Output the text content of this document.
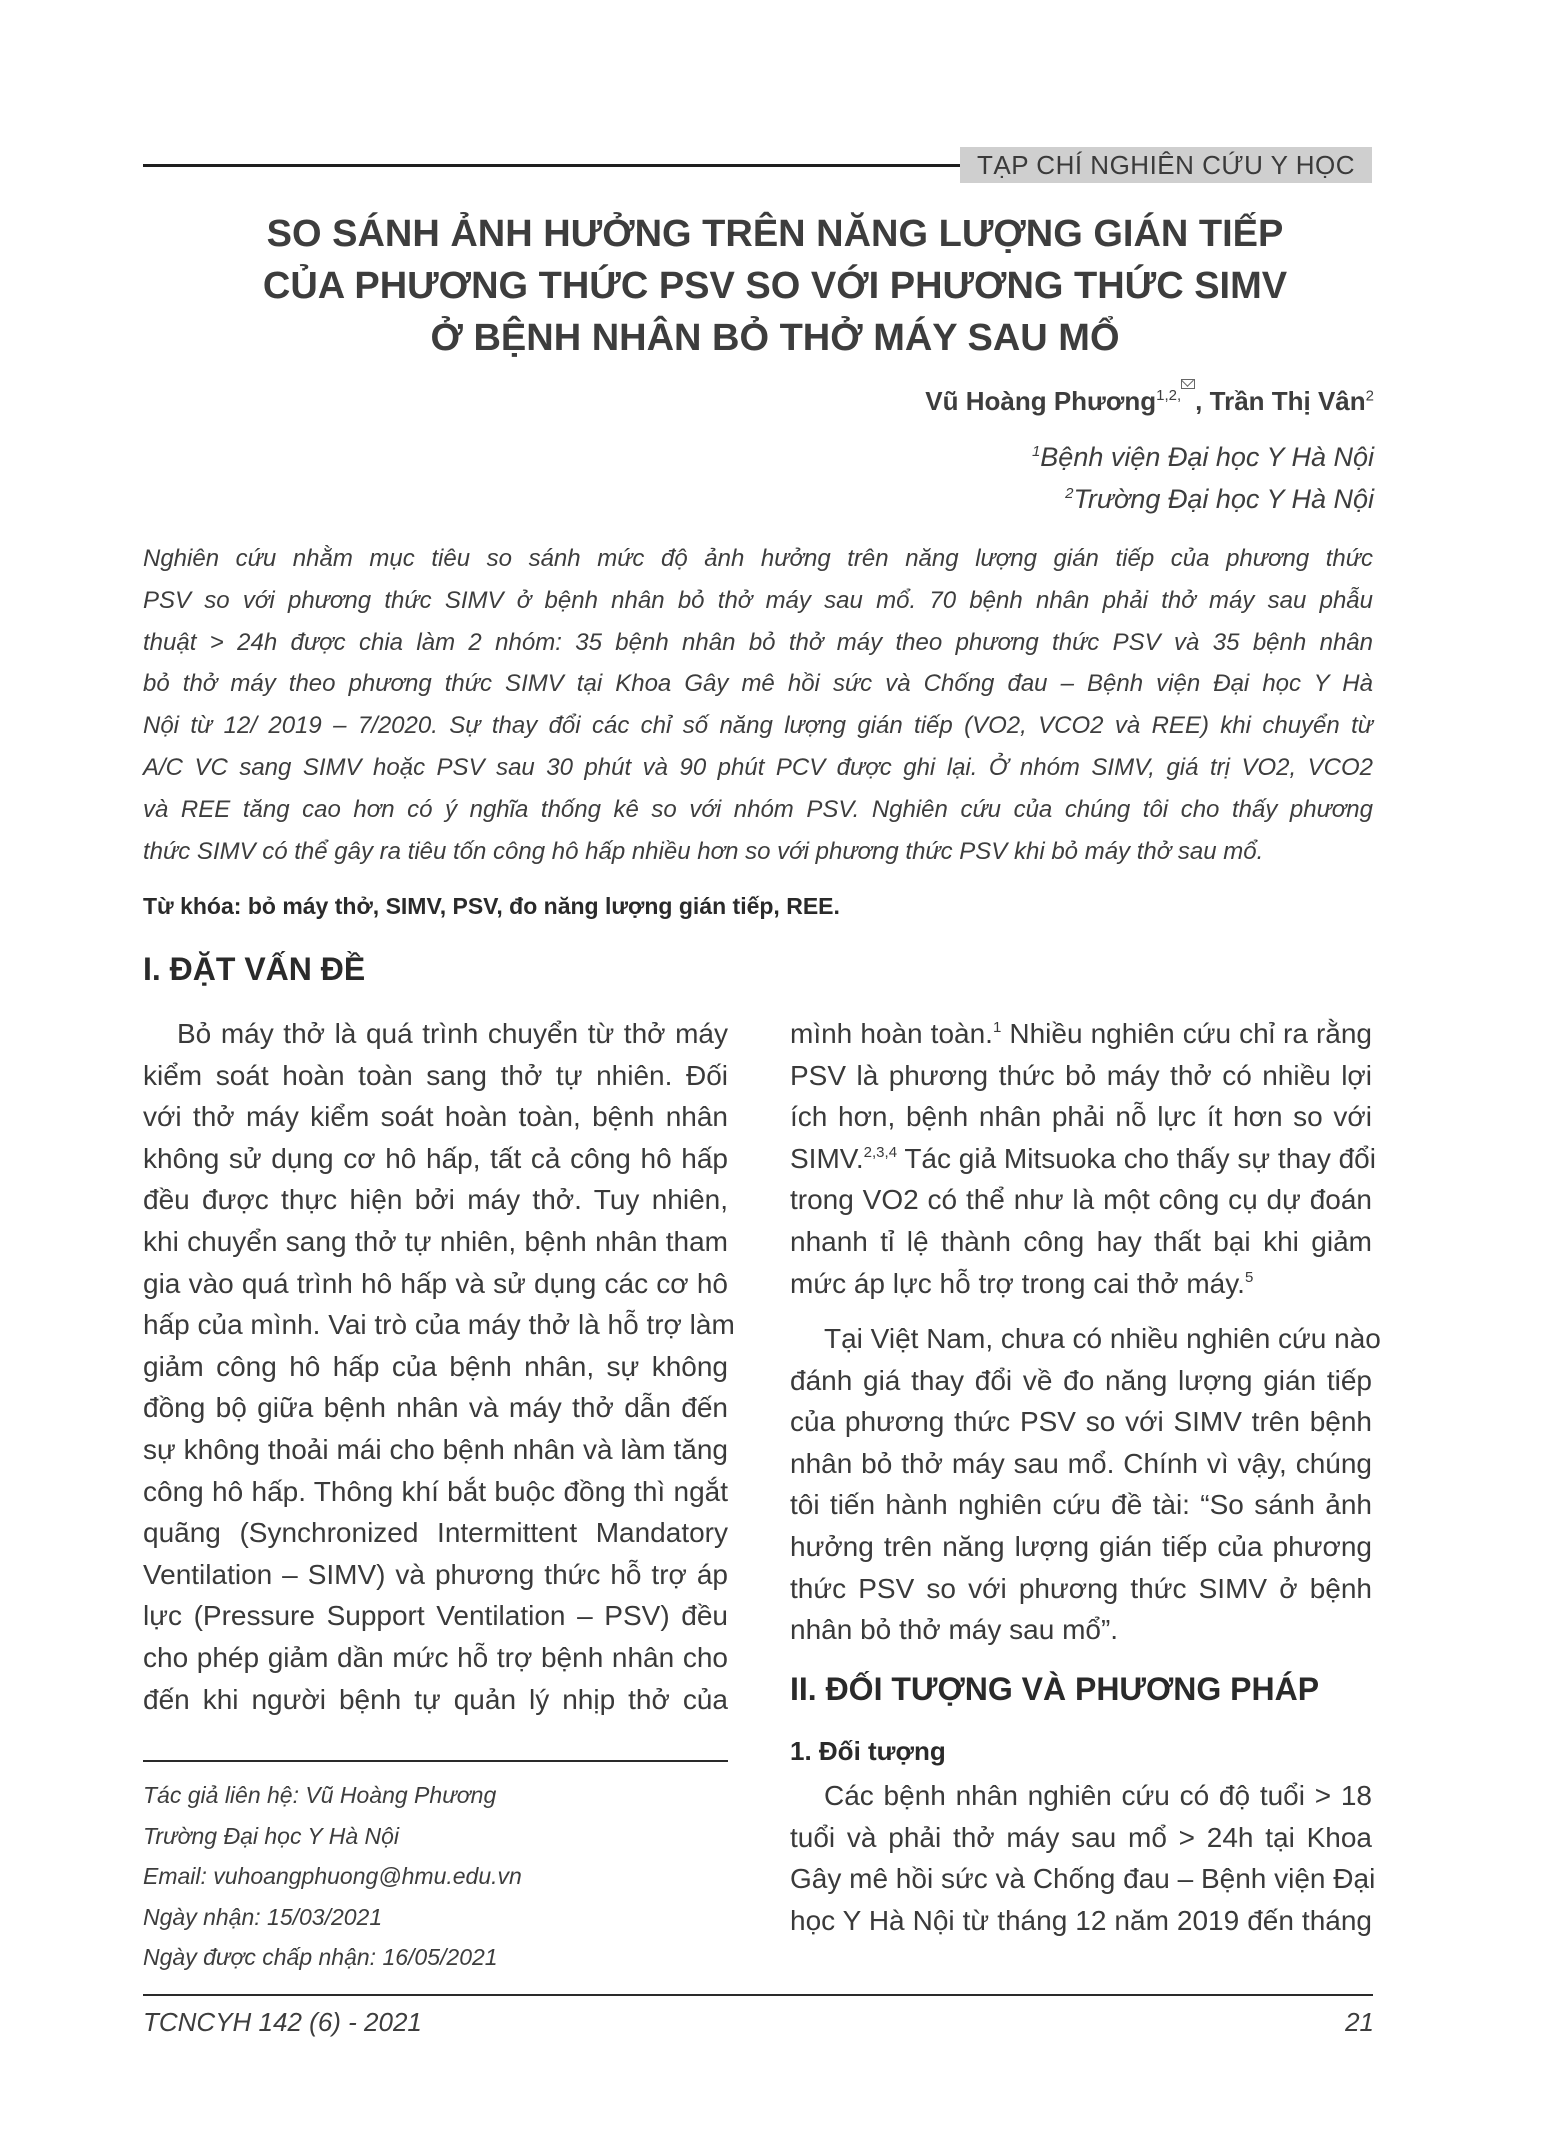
TẠP CHÍ NGHIÊN CỨU Y HỌC
SO SÁNH ẢNH HƯỞNG TRÊN NĂNG LƯỢNG GIÁN TIẾP
CỦA PHƯƠNG THỨC PSV SO VỚI PHƯƠNG THỨC SIMV
Ở BỆNH NHÂN BỎ THỞ MÁY SAU MỔ
Vũ Hoàng Phương$^{1,2,}$ , Trần Thị Vân$^2$
$^1$Bệnh viện Đại học Y Hà Nội
$^2$Trường Đại học Y Hà Nội
Nghiên cứu nhằm mục tiêu so sánh mức độ ảnh hưởng trên năng lượng gián tiếp của phương thức
PSV so với phương thức SIMV ở bệnh nhân bỏ thở máy sau mổ. 70 bệnh nhân phải thở máy sau phẫu
thuật > 24h được chia làm 2 nhóm: 35 bệnh nhân bỏ thở máy theo phương thức PSV và 35 bệnh nhân
bỏ thở máy theo phương thức SIMV tại Khoa Gây mê hồi sức và Chống đau – Bệnh viện Đại học Y Hà
Nội từ 12/ 2019 – 7/2020. Sự thay đổi các chỉ số năng lượng gián tiếp (VO2, VCO2 và REE) khi chuyển từ
A/C VC sang SIMV hoặc PSV sau 30 phút và 90 phút PCV được ghi lại. Ở nhóm SIMV, giá trị VO2, VCO2
và REE tăng cao hơn có ý nghĩa thống kê so với nhóm PSV. Nghiên cứu của chúng tôi cho thấy phương
thức SIMV có thể gây ra tiêu tốn công hô hấp nhiều hơn so với phương thức PSV khi bỏ máy thở sau mổ.
Từ khóa: bỏ máy thở, SIMV, PSV, đo năng lượng gián tiếp, REE.
I. ĐẶT VẤN ĐỀ
Bỏ máy thở là quá trình chuyển từ thở máy
kiểm soát hoàn toàn sang thở tự nhiên. Đối
với thở máy kiểm soát hoàn toàn, bệnh nhân
không sử dụng cơ hô hấp, tất cả công hô hấp
đều được thực hiện bởi máy thở. Tuy nhiên,
khi chuyển sang thở tự nhiên, bệnh nhân tham
gia vào quá trình hô hấp và sử dụng các cơ hô
hấp của mình. Vai trò của máy thở là hỗ trợ làm
giảm công hô hấp của bệnh nhân, sự không
đồng bộ giữa bệnh nhân và máy thở dẫn đến
sự không thoải mái cho bệnh nhân và làm tăng
công hô hấp. Thông khí bắt buộc đồng thì ngắt
quãng (Synchronized Intermittent Mandatory
Ventilation – SIMV) và phương thức hỗ trợ áp
lực (Pressure Support Ventilation – PSV) đều
cho phép giảm dần mức hỗ trợ bệnh nhân cho
đến khi người bệnh tự quản lý nhịp thở của
mình hoàn toàn.$^1$ Nhiều nghiên cứu chỉ ra rằng
PSV là phương thức bỏ máy thở có nhiều lợi
ích hơn, bệnh nhân phải nỗ lực ít hơn so với
SIMV.$^{2,3,4}$ Tác giả Mitsuoka cho thấy sự thay đổi
trong VO2 có thể như là một công cụ dự đoán
nhanh tỉ lệ thành công hay thất bại khi giảm
mức áp lực hỗ trợ trong cai thở máy.$^5$
Tại Việt Nam, chưa có nhiều nghiên cứu nào
đánh giá thay đổi về đo năng lượng gián tiếp
của phương thức PSV so với SIMV trên bệnh
nhân bỏ thở máy sau mổ. Chính vì vậy, chúng
tôi tiến hành nghiên cứu đề tài: “So sánh ảnh
hưởng trên năng lượng gián tiếp của phương
thức PSV so với phương thức SIMV ở bệnh
nhân bỏ thở máy sau mổ”.
II. ĐỐI TƯỢNG VÀ PHƯƠNG PHÁP
1. Đối tượng
Các bệnh nhân nghiên cứu có độ tuổi > 18
tuổi và phải thở máy sau mổ > 24h tại Khoa
Gây mê hồi sức và Chống đau – Bệnh viện Đại
học Y Hà Nội từ tháng 12 năm 2019 đến tháng
Tác giả liên hệ: Vũ Hoàng Phương
Trường Đại học Y Hà Nội
Email: vuhoangphuong@hmu.edu.vn
Ngày nhận: 15/03/2021
Ngày được chấp nhận: 16/05/2021
TCNCYH 142 (6) - 2021	21
